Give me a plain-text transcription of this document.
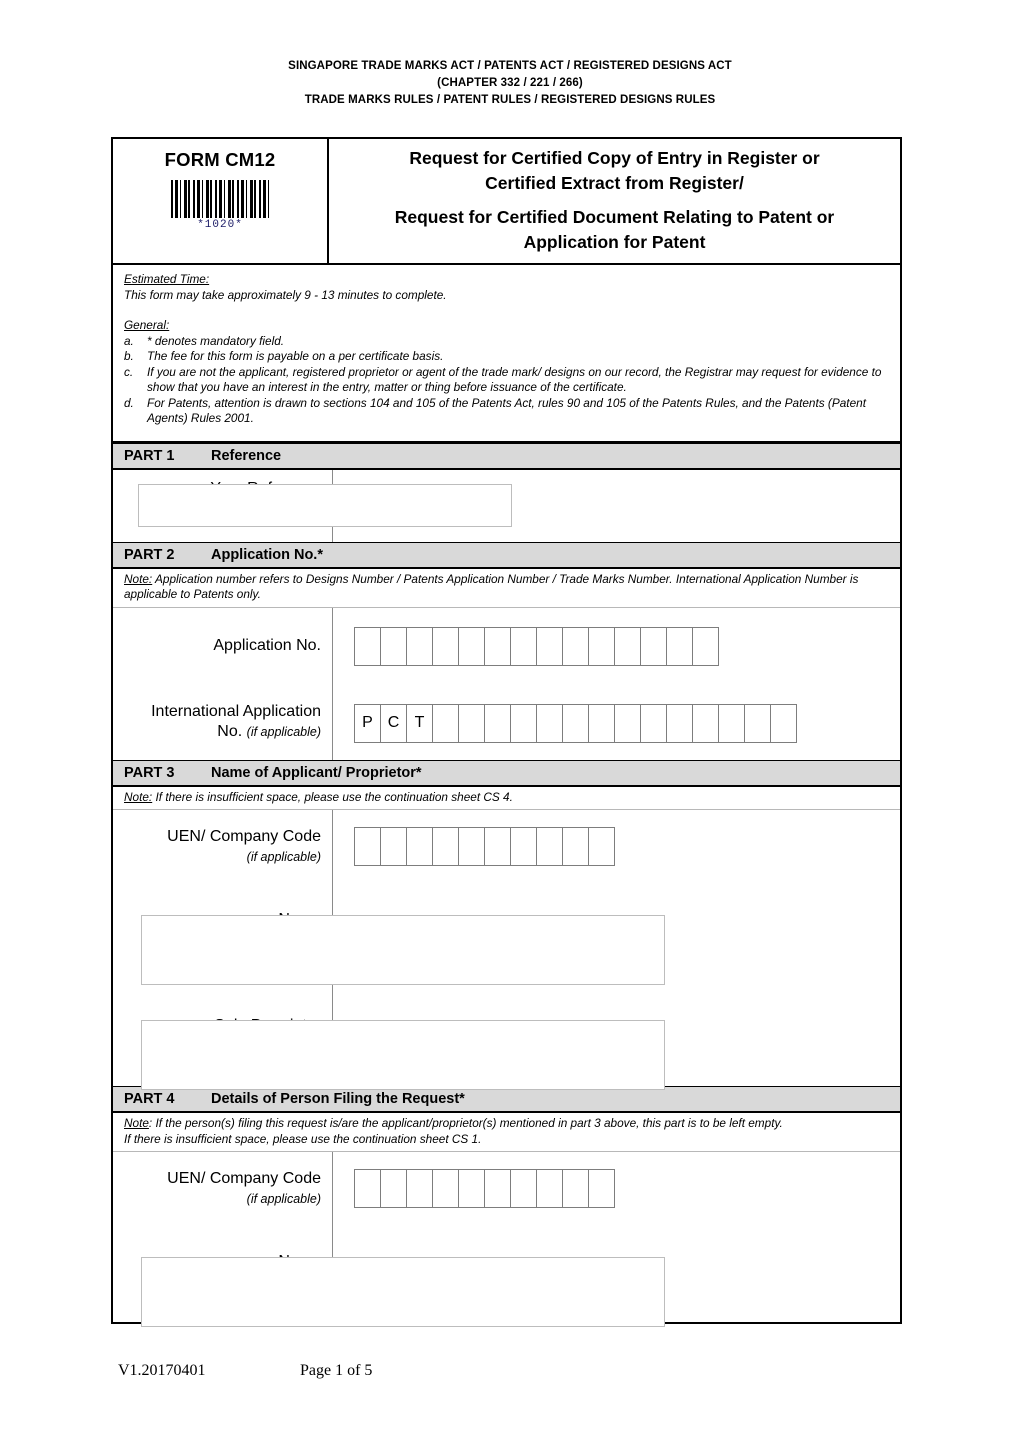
SINGAPORE TRADE MARKS ACT / PATENTS ACT / REGISTERED DESIGNS ACT
(CHAPTER 332 / 221 / 266)
TRADE MARKS RULES / PATENT RULES / REGISTERED DESIGNS RULES
FORM CM12
*1020*
Request for Certified Copy of Entry in Register or
Certified Extract from Register/
Request for Certified Document Relating to Patent or
Application for Patent
Estimated Time:
This form may take approximately 9 - 13 minutes to complete.
General:
a.	* denotes mandatory field.
b.	The fee for this form is payable on a per certificate basis.
c.	If you are not the applicant, registered proprietor or agent of the trade mark/ designs on our record, the Registrar may request for evidence to show that you have an interest in the entry, matter or thing before issuance of the certificate.
d.	For Patents, attention is drawn to sections 104 and 105 of the Patents Act, rules 90 and 105 of the Patents Rules, and the Patents (Patent Agents) Rules 2001.
PART 1	Reference
PART 2	Application No.*
Note: Application number refers to Designs Number / Patents Application Number / Trade Marks Number. International Application Number is applicable to Patents only.
Application No.
International Application
No. (if applicable)
P C T
PART 3	Name of Applicant/ Proprietor*
Note: If there is insufficient space, please use the continuation sheet CS 4.
UEN/ Company Code
(if applicable)
PART 4	Details of Person Filing the Request*
Note: If the person(s) filing this request is/are the applicant/proprietor(s) mentioned in part 3 above, this part is to be left empty.
If there is insufficient space, please use the continuation sheet CS 1.
UEN/ Company Code
(if applicable)
V1.20170401	Page 1 of 5
